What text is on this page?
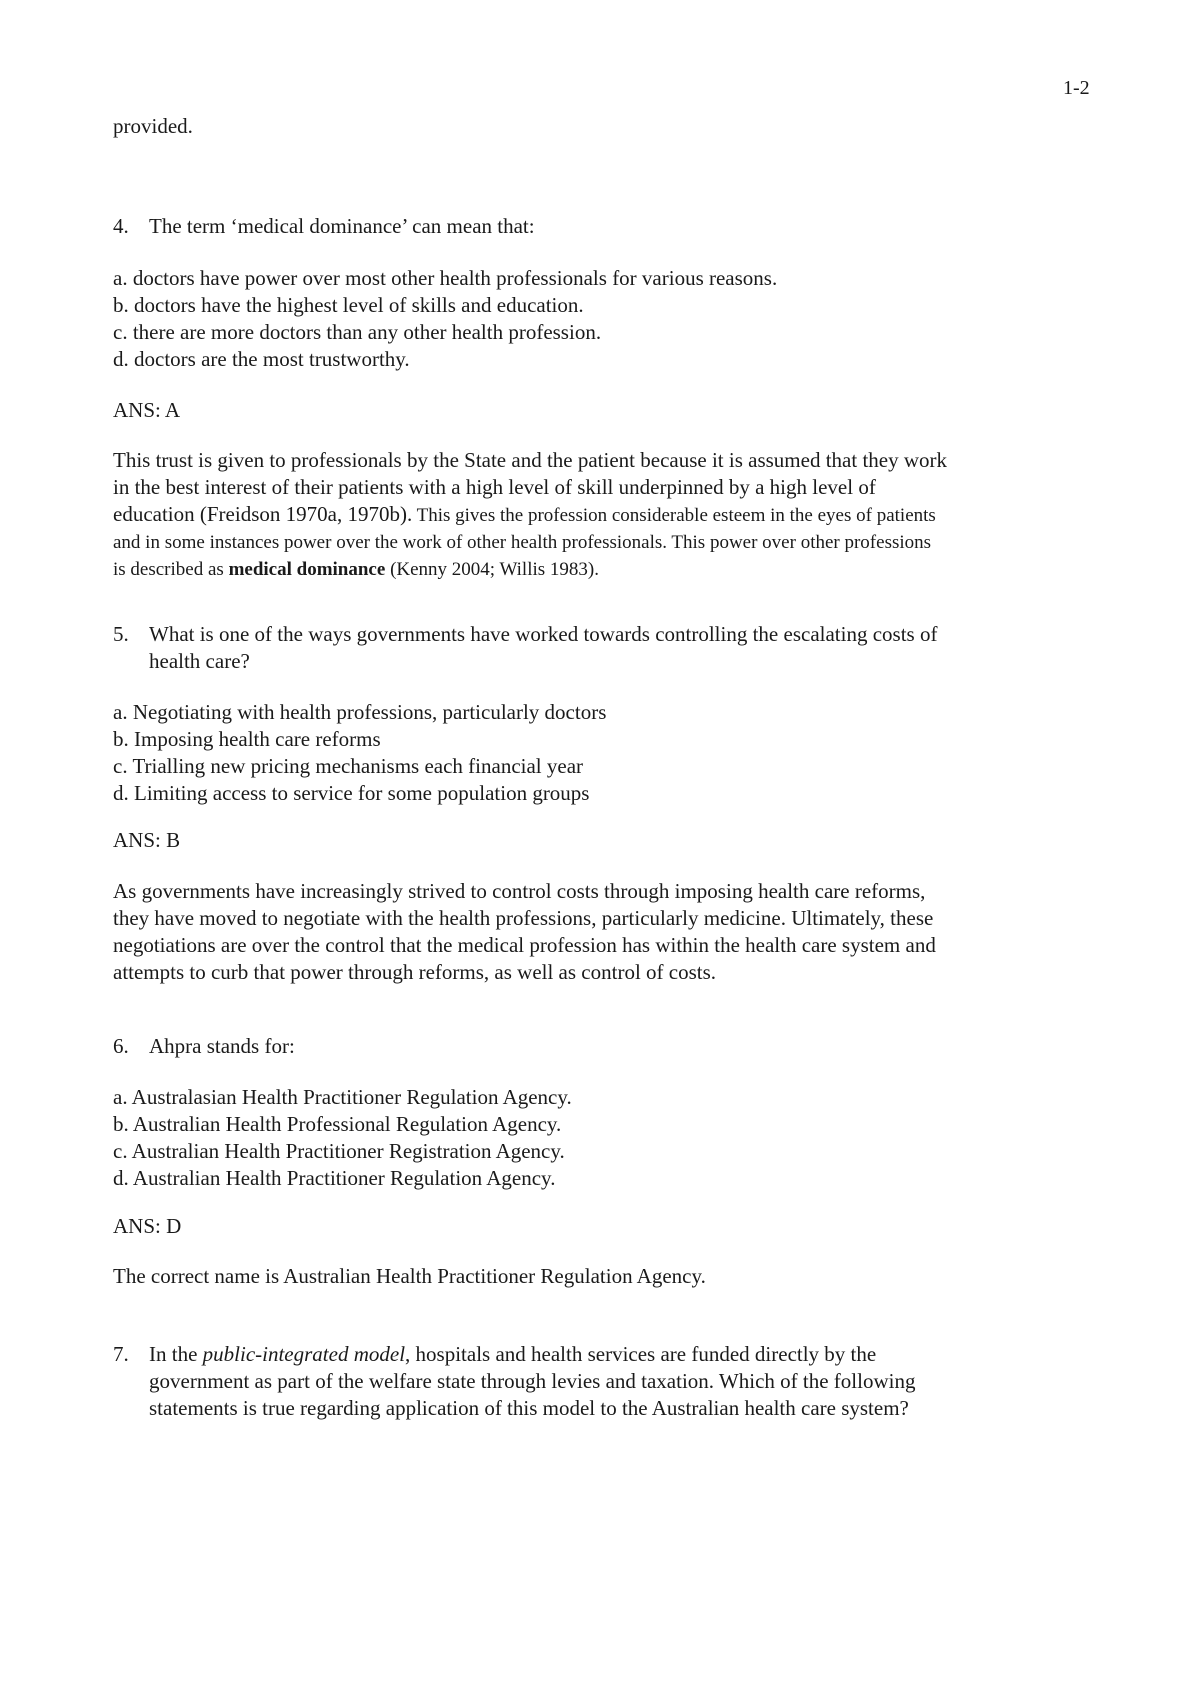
1-2
provided.
4. The term ‘medical dominance’ can mean that:
a. doctors have power over most other health professionals for various reasons.
b. doctors have the highest level of skills and education.
c. there are more doctors than any other health profession.
d. doctors are the most trustworthy.
ANS: A
This trust is given to professionals by the State and the patient because it is assumed that they work
in the best interest of their patients with a high level of skill underpinned by a high level of
education (Freidson 1970a, 1970b). This gives the profession considerable esteem in the eyes of patients
and in some instances power over the work of other health professionals. This power over other professions
is described as medical dominance (Kenny 2004; Willis 1983).
5. What is one of the ways governments have worked towards controlling the escalating costs of
health care?
a. Negotiating with health professions, particularly doctors
b. Imposing health care reforms
c. Trialling new pricing mechanisms each financial year
d. Limiting access to service for some population groups
ANS: B
As governments have increasingly strived to control costs through imposing health care reforms,
they have moved to negotiate with the health professions, particularly medicine. Ultimately, these
negotiations are over the control that the medical profession has within the health care system and
attempts to curb that power through reforms, as well as control of costs.
6. Ahpra stands for:
a. Australasian Health Practitioner Regulation Agency.
b. Australian Health Professional Regulation Agency.
c. Australian Health Practitioner Registration Agency.
d. Australian Health Practitioner Regulation Agency.
ANS: D
The correct name is Australian Health Practitioner Regulation Agency.
7. In the public-integrated model, hospitals and health services are funded directly by the
government as part of the welfare state through levies and taxation. Which of the following
statements is true regarding application of this model to the Australian health care system?
